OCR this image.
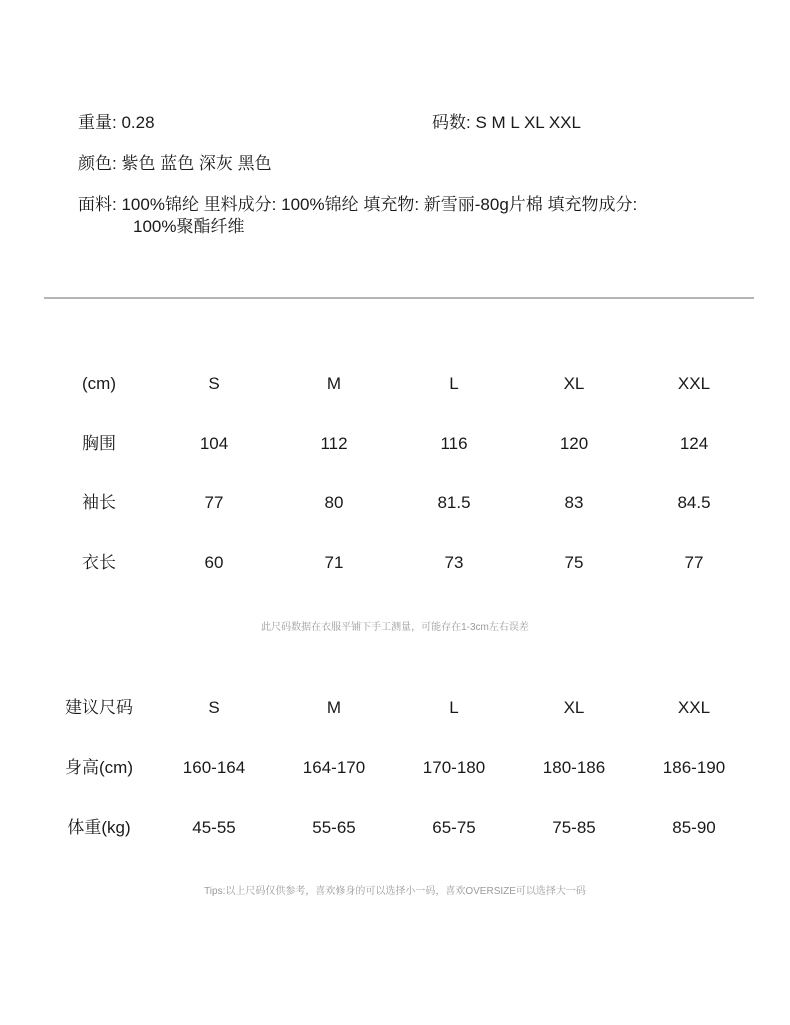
重量: 0.28	码数: S M L XL XXL
颜色: 紫色 蓝色 深灰 黑色
面料: 100%锦纶 里料成分: 100%锦纶 填充物: 新雪丽-80g片棉 填充物成分:
100%聚酯纤维
(cm)	S	M	L	XL	XXL
胸围	104	112	116	120	124
袖长	77	80	81.5	83	84.5
衣长	60	71	73	75	77
此尺码数据在衣服平铺下手工测量，可能存在1-3cm左右误差
建议尺码	S	M	L	XL	XXL
身高(cm)	160-164	164-170	170-180	180-186	186-190
体重(kg)	45-55	55-65	65-75	75-85	85-90
Tips:以上尺码仅供参考，喜欢修身的可以选择小一码，喜欢OVERSIZE可以选择大一码
